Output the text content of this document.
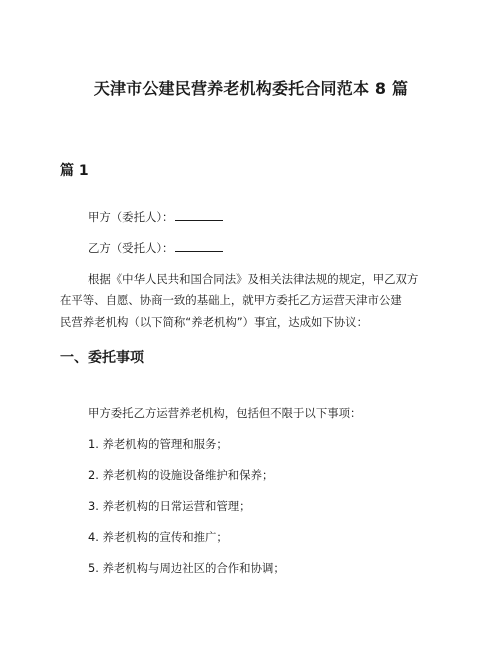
天津市公建民营养老机构委托合同范本 8 篇
篇 1
甲方（委托人）：
乙方（受托人）：
根据《中华人民共和国合同法》及相关法律法规的规定，甲乙双方
在平等、自愿、协商一致的基础上，就甲方委托乙方运营天津市公建
民营养老机构（以下简称“养老机构”）事宜，达成如下协议：
一、委托事项
甲方委托乙方运营养老机构，包括但不限于以下事项：
1. 养老机构的管理和服务；
2. 养老机构的设施设备维护和保养；
3. 养老机构的日常运营和管理；
4. 养老机构的宣传和推广；
5. 养老机构与周边社区的合作和协调；
